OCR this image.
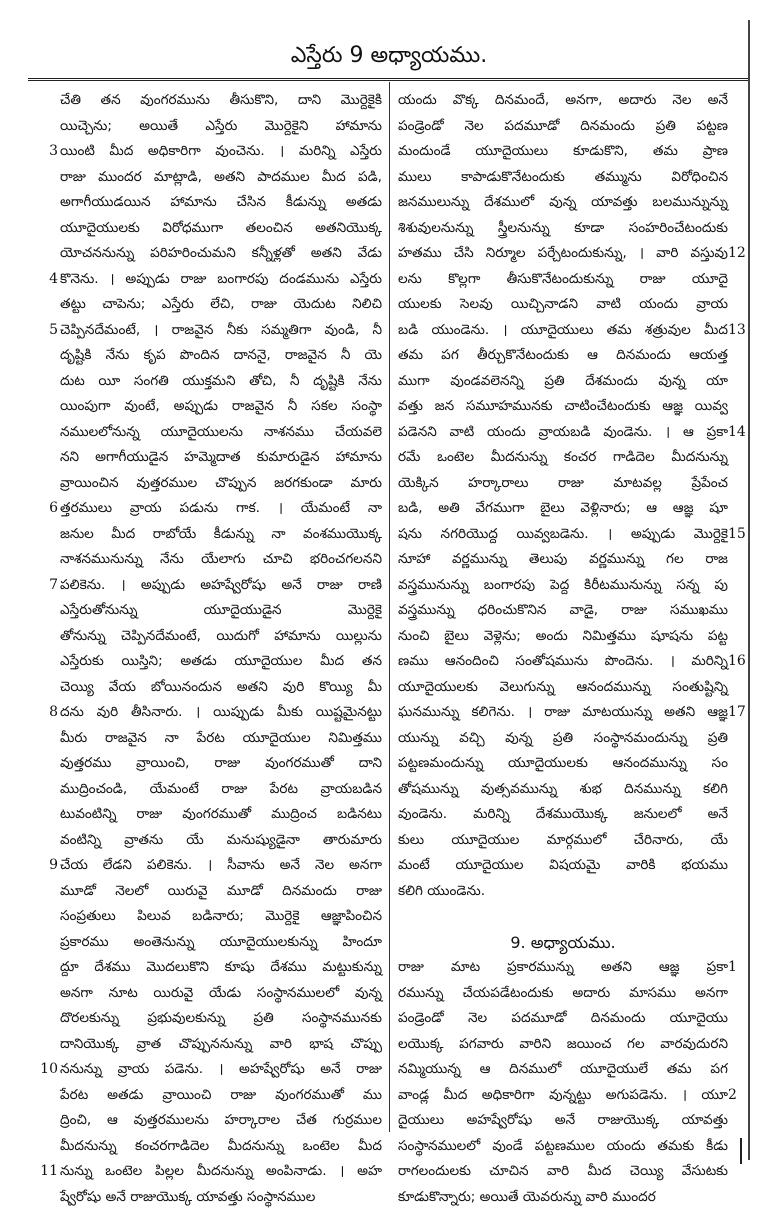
ఎస్తేరు 9 అధ్యాయము.
చేతి తన వుంగరమును తీసుకొని, దాని మొర్దెకైకి
యిచ్చెను; అయితే ఎస్తేరు మొర్దెకైని హామాను
యింటి మీద అధికారిగా వుంచెను. । మరిన్ని ఎస్తేరు
రాజు ముందర మాట్లాడి, అతని పాదముల మీద పడి,
అగాగీయుడయిన హామాను చేసిన కీడున్ను అతడు
యూదైయులకు విరోధముగా తలంచిన అతనియొక్క
యోచననున్ను పరిహరించుమని కన్నీళ్లతో అతని వేడు
కొనెను. । అప్పుడు రాజు బంగారపు దండమును ఎస్తేరు
తట్టు చాపెను; ఎస్తేరు లేచి, రాజు యెదుట నిలిచి
చెప్పినదేమంటే, । రాజవైన నీకు సమ్మతిగా వుండి, నీ
దృష్టికి నేను కృప పొందిన దాననై, రాజవైన నీ యె
దుట యీ సంగతి యుక్తమని తోచి, నీ దృష్టికి నేను
యింపుగా వుంటే, అప్పుడు రాజవైన నీ సకల సంస్థా
నములలోనున్న యూదైయులను నాశనము చేయవలె
నని అగాగీయుడైన హమ్మెదాత కుమారుడైన హామాను
వ్రాయించిన వుత్తరముల చొప్పున జరగకుండా మారు
త్తరములు వ్రాయ పడును గాక. । యేమంటే నా
జనుల మీద రాబోయే కీడున్ను నా వంశముయొక్క
నాశనమునున్ను నేను యేలాగు చూచి భరించగలనని
పలికెను. । అప్పుడు అహష్వేరోషు అనే రాజు రాణి
ఎస్తేరుతోనున్ను యూదైయుడైన మొర్దెకై
తోనున్ను చెప్పినదేమంటే, యిదుగో హామాను యిల్లును
ఎస్తేరుకు యిస్తిని; అతడు యూదైయుల మీద తన
చెయ్యి వేయ బోయినందున అతని వురి కొయ్యి మీ
దను వురి తీసినారు. । యిప్పుడు మీకు యిష్టమైనట్టు
మీరు రాజవైన నా పేరట యూదైయుల నిమిత్తము
వుత్తరము వ్రాయించి, రాజు వుంగరముతో దాని
ముద్రించండి, యేమంటే రాజు పేరట వ్రాయబడిన
టువంటిన్ని రాజు వుంగరముతో ముద్రించ బడినటు
వంటిన్ని వ్రాతను యే మనుష్యుడైనా తారుమారు
చేయ లేడని పలికెను. । సీవాను అనే నెల అనగా
మూడో నెలలో యిరువై మూడో దినమందు రాజు
సంప్రతులు పిలువ బడినారు; మొర్దెకై ఆజ్ఞాపించిన
ప్రకారము అంతెనున్ను యూదైయులకున్ను హిందూ
ద్దూ దేశము మొదలుకొని కూషు దేశము మట్టుకున్ను
అనగా నూట యిరువై యేడు సంస్థానములలో వున్న
దొరలకున్ను ప్రభువులకున్ను ప్రతి సంస్థానమునకు
దానియొక్క వ్రాత చొప్పుననున్ను వారి భాష చొప్పు
ననున్ను వ్రాయ పడెను. । అహష్వేరోషు అనే రాజు
పేరట అతడు వ్రాయించి రాజు వుంగరముతో ము
ద్రించి, ఆ వుత్తరములను హర్కారాల చేత గుర్రముల
మీదనున్ను కంచరగాడిదెల మీదనున్ను ఒంటెల మీద
నున్ను ఒంటెల పిల్లల మీదనున్ను అంపినాడు. । అహ
ష్వేరోషు అనే రాజుయొక్క యావత్తు సంస్థానముల
యందు వొక్క దినమందే, అనగా, అదారు నెల అనే
పండ్రెండో నెల పదమూడో దినమందు ప్రతి పట్టణ
మందుండే యూదైయులు కూడుకొని, తమ ప్రాణ
ములు కాపాడుకొనేటందుకు తమ్మును విరోధించిన
జనములున్ను దేశములో వున్న యావత్తు బలమున్నున్ను
శిశువులనున్ను స్త్రీలనున్ను కూడా సంహరించేటందుకు
హతము చేసి నిర్మూల పర్చేటందుకున్ను, । వారి వస్తువు
లను కొల్లగా తీసుకొనేటందుకున్ను రాజు యూదై
యులకు సెలవు యిచ్చినాడని వాటి యందు వ్రాయ
బడి యుండెను. । యూదైయులు తమ శత్రువుల మీద
తమ పగ తీర్చుకొనేటందుకు ఆ దినమందు ఆయత్త
ముగా వుండవలెనన్ని ప్రతి దేశమందు వున్న యా
వత్తు జన సమూహమునకు చాటించేటందుకు ఆజ్ఞ యివ్వ
పడెనని వాటి యందు వ్రాయబడి వుండెను. । ఆ ప్రకా
రమే ఒంటెల మీదనున్ను కంచర గాడిదెల మీదనున్ను
యెక్కిన హర్కారాలు రాజు మాటవల్ల ప్రేపేంచ
బడి, అతి వేగముగా బైలు వెళ్లినారు; ఆ ఆజ్ఞ షూ
షను నగరియొద్ద యివ్వబడెను. । అప్పుడు మొర్దెకై
నూహా వర్ణమున్ను తెలుపు వర్ణమున్ను గల రాజ
వస్త్రమునున్ను బంగారపు పెద్ద కిరీటమునున్ను సన్న పు
వస్త్రమున్ను ధరించుకొనిన వాడై, రాజు సముఖము
నుంచి బైలు వెళ్లెను; అందు నిమిత్తము షూషను పట్ట
ణము ఆనందించి సంతోషమును పొందెను. । మరిన్ని
యూదైయులకు వెలుగున్ను ఆనందమున్ను సంతుష్టిన్ని
ఘనమున్ను కలిగెను. । రాజు మాటయున్ను అతని ఆజ్ఞ
యున్ను వచ్చి వున్న ప్రతి సంస్థానమందున్ను ప్రతి
పట్టణమందున్ను యూదైయులకు ఆనందమున్ను సం
తోషమున్ను వుత్సవమున్ను శుభ దినమున్ను కలిగి
వుండెను. మరిన్ని దేశముయొక్క జనులలో అనే
కులు యూదైయుల మార్గములో చేరినారు, యే
మంటే యూదైయుల విషయమై వారికి భయము
కలిగి యుండెను.
9. అధ్యాయము.
రాజు మాట ప్రకారమున్ను అతని ఆజ్ఞ ప్రకా
రమున్ను చేయపడేటందుకు అదారు మాసము అనగా
పండ్రెండో నెల పదమూడో దినమందు యూదైయు
లయొక్క పగవారు వారిని జయించ గల వారవుదురని
నమ్మియున్న ఆ దినములో యూదైయులే తమ పగ
వాండ్ల మీద అధికారిగా వున్నట్టు అగుపడెను. । యూ
దైయులు అహష్వేరోషు అనే రాజుయొక్క యావత్తు
సంస్థానములలో వుండే పట్టణముల యందు తమకు కీడు
రాగలందులకు చూచిన వారి మీద చెయ్యి వేసుటకు
కూడుకొన్నారు; అయితే యెవరున్ను వారి ముందర
3
4
5
6
7
8
9
10
11
12
13
14
15
16
17
1
2
